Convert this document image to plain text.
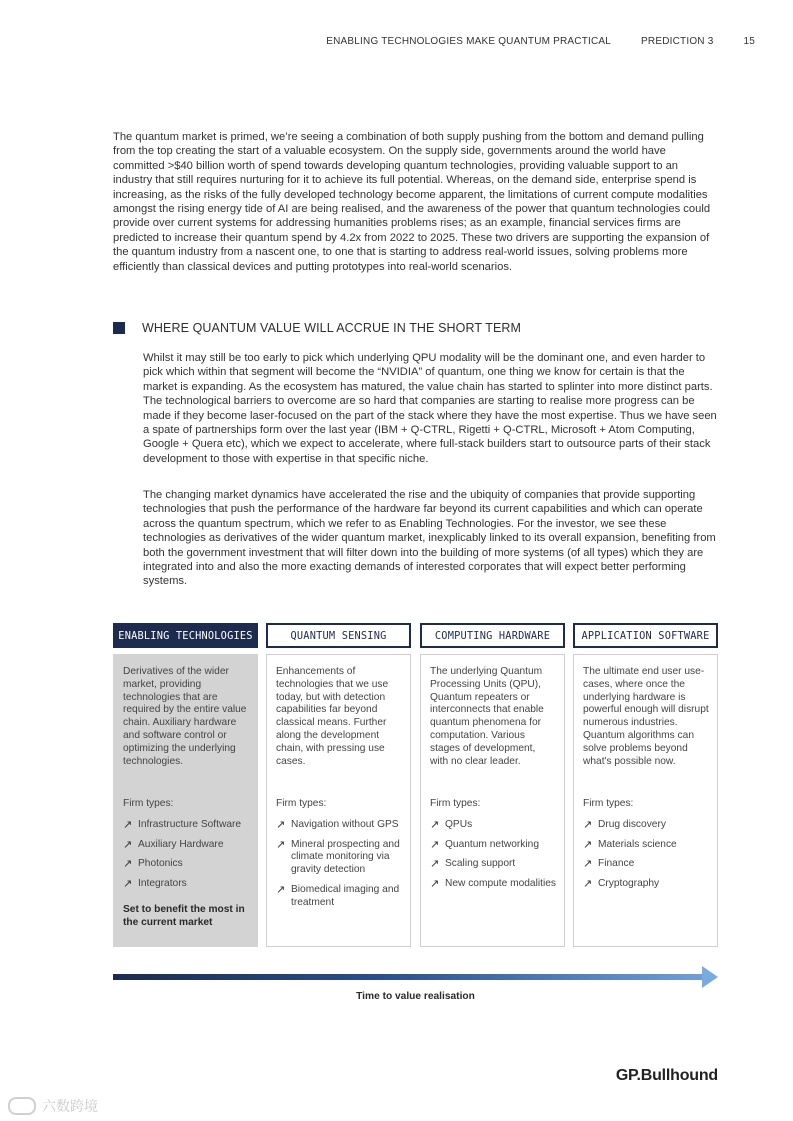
ENABLING TECHNOLOGIES MAKE QUANTUM PRACTICAL	PREDICTION 3	15

The quantum market is primed, we’re seeing a combination of both supply pushing from the bottom and demand pulling from the top creating the start of a valuable ecosystem. On the supply side, governments around the world have committed >$40 billion worth of spend towards developing quantum technologies, providing valuable support to an industry that still requires nurturing for it to achieve its full potential. Whereas, on the demand side, enterprise spend is increasing, as the risks of the fully developed technology become apparent, the limitations of current compute modalities amongst the rising energy tide of AI are being realised, and the awareness of the power that quantum technologies could provide over current systems for addressing humanities problems rises; as an example, financial services firms are predicted to increase their quantum spend by 4.2x from 2022 to 2025. These two drivers are supporting the expansion of the quantum industry from a nascent one, to one that is starting to address real-world issues, solving problems more efficiently than classical devices and putting prototypes into real-world scenarios.

WHERE QUANTUM VALUE WILL ACCRUE IN THE SHORT TERM

Whilst it may still be too early to pick which underlying QPU modality will be the dominant one, and even harder to pick which within that segment will become the “NVIDIA” of quantum, one thing we know for certain is that the market is expanding. As the ecosystem has matured, the value chain has started to splinter into more distinct parts. The technological barriers to overcome are so hard that companies are starting to realise more progress can be made if they become laser-focused on the part of the stack where they have the most expertise. Thus we have seen a spate of partnerships form over the last year (IBM + Q-CTRL, Rigetti + Q-CTRL, Microsoft + Atom Computing, Google + Quera etc), which we expect to accelerate, where full-stack builders start to outsource parts of their stack development to those with expertise in that specific niche.

The changing market dynamics have accelerated the rise and the ubiquity of companies that provide supporting technologies that push the performance of the hardware far beyond its current capabilities and which can operate across the quantum spectrum, which we refer to as Enabling Technologies. For the investor, we see these technologies as derivatives of the wider quantum market, inexplicably linked to its overall expansion, benefiting from both the government investment that will filter down into the building of more systems (of all types) which they are integrated into and also the more exacting demands of interested corporates that will expect better performing systems.

ENABLING TECHNOLOGIES

Derivatives of the wider market, providing technologies that are required by the entire value chain. Auxiliary hardware and software control or optimizing the underlying technologies.

Firm types:

↗ Infrastructure Software
↗ Auxiliary Hardware
↗ Photonics
↗ Integrators
Set to benefit the most in the current market
QUANTUM SENSING

Enhancements of technologies that we use today, but with detection capabilities far beyond classical means. Further along the development chain, with pressing use cases.

Firm types:

↗ Navigation without GPS
↗ Mineral prospecting and climate monitoring via gravity detection
↗ Biomedical imaging and treatment
COMPUTING HARDWARE

The underlying Quantum Processing Units (QPU), Quantum repeaters or interconnects that enable quantum phenomena for computation. Various stages of development, with no clear leader.

Firm types:

↗ QPUs
↗ Quantum networking
↗ Scaling support
↗ New compute modalities
APPLICATION SOFTWARE

The ultimate end user use-cases, where once the underlying hardware is powerful enough will disrupt numerous industries. Quantum algorithms can solve problems beyond what's possible now.

Firm types:

↗ Drug discovery
↗ Materials science
↗ Finance
↗ Cryptography
Time to value realisation
GP.Bullhound
六数跨境
